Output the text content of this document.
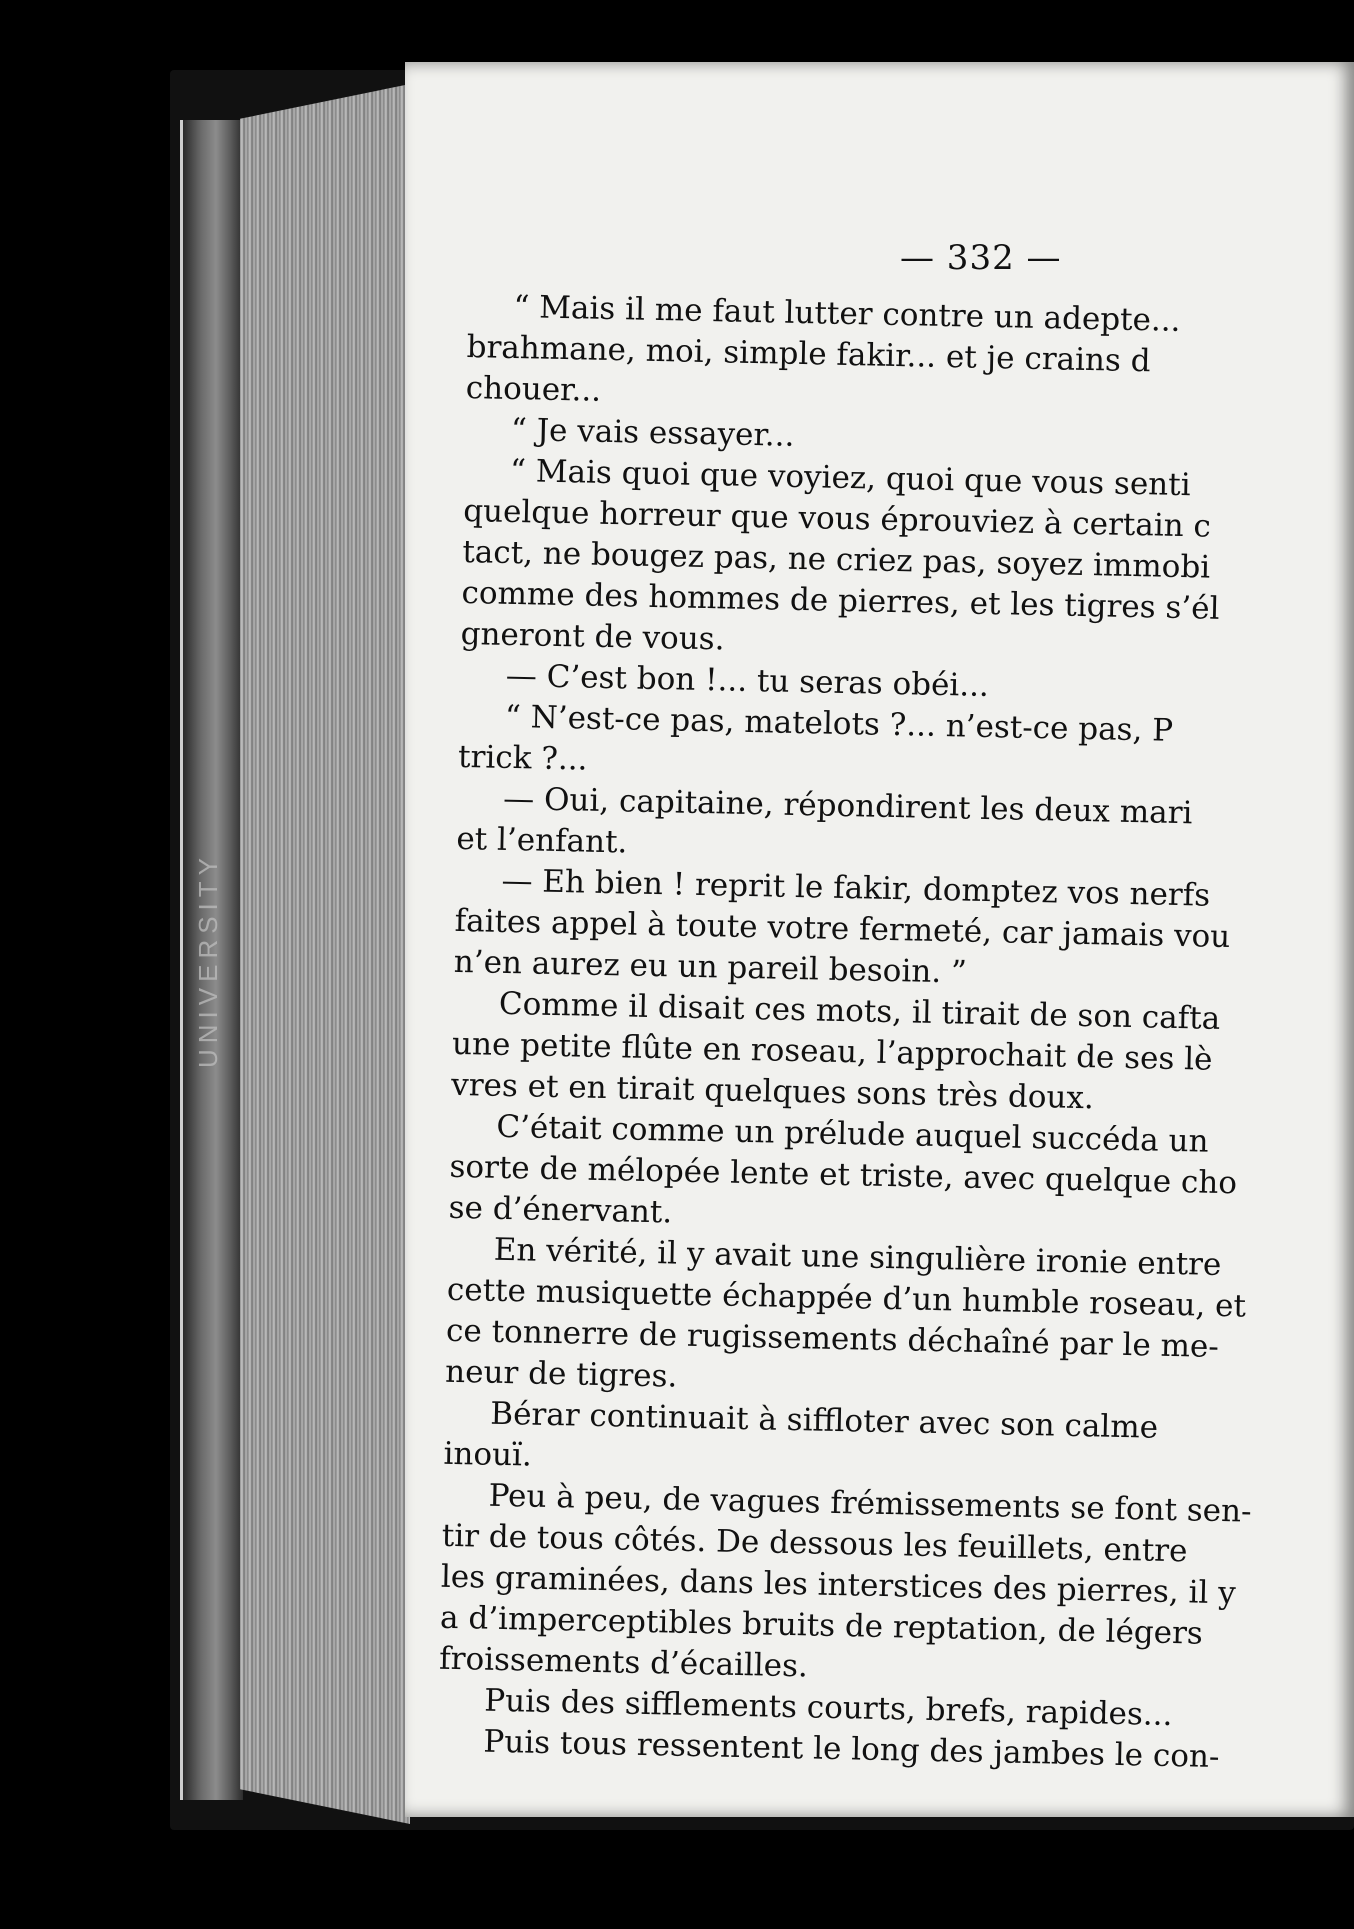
UNIVERSITY
— 332 —
“ Mais il me faut lutter contre un adepte...
brahmane, moi, simple fakir... et je crains d
chouer...
“ Je vais essayer...
“ Mais quoi que voyiez, quoi que vous senti
quelque horreur que vous éprouviez à certain c
tact, ne bougez pas, ne criez pas, soyez immobi
comme des hommes de pierres, et les tigres s’él
gneront de vous.
— C’est bon !... tu seras obéi...
“ N’est-ce pas, matelots ?... n’est-ce pas, P
trick ?...
— Oui, capitaine, répondirent les deux mari
et l’enfant.
— Eh bien ! reprit le fakir, domptez vos nerfs
faites appel à toute votre fermeté, car jamais vou
n’en aurez eu un pareil besoin. ”
Comme il disait ces mots, il tirait de son cafta
une petite flûte en roseau, l’approchait de ses lè
vres et en tirait quelques sons très doux.
C’était comme un prélude auquel succéda un
sorte de mélopée lente et triste, avec quelque cho
se d’énervant.
En vérité, il y avait une singulière ironie entre
cette musiquette échappée d’un humble roseau, et
ce tonnerre de rugissements déchaîné par le me-
neur de tigres.
Bérar continuait à siffloter avec son calme
inouï.
Peu à peu, de vagues frémissements se font sen-
tir de tous côtés. De dessous les feuillets, entre
les graminées, dans les interstices des pierres, il y
a d’imperceptibles bruits de reptation, de légers
froissements d’écailles.
Puis des sifflements courts, brefs, rapides...
Puis tous ressentent le long des jambes le con-
